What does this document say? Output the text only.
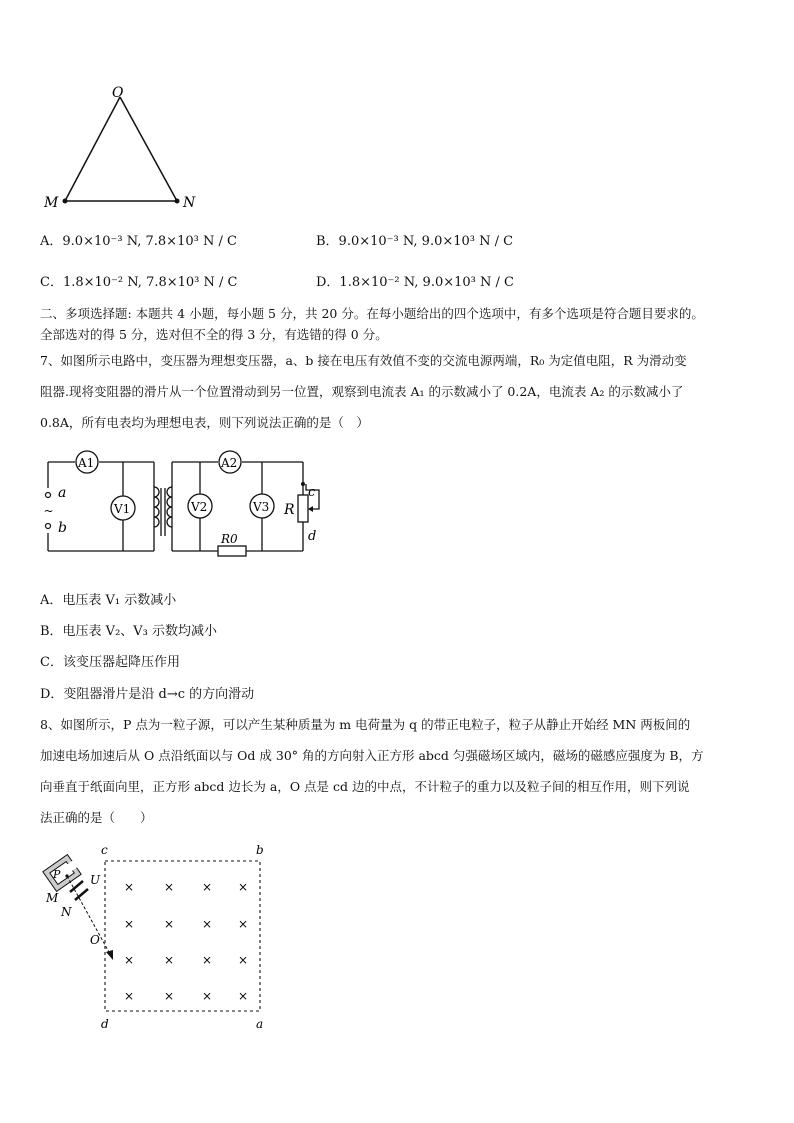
O
M	N
A．9.0×10⁻³ N, 7.8×10³ N / C	B．9.0×10⁻³ N, 9.0×10³ N / C
C．1.8×10⁻² N, 7.8×10³ N / C	D．1.8×10⁻² N, 9.0×10³ N / C
二、多项选择题: 本题共 4 小题，每小题 5 分，共 20 分。在每小题给出的四个选项中，有多个选项是符合题目要求的。
全部选对的得 5 分，选对但不全的得 3 分，有选错的得 0 分。
7、如图所示电路中，变压器为理想变压器，a、b 接在电压有效值不变的交流电源两端，R₀ 为定值电阻，R 为滑动变
阻器.现将变阻器的滑片从一个位置滑动到另一位置，观察到电流表 A₁ 的示数减小了 0.2A，电流表 A₂ 的示数减小了
0.8A，所有电表均为理想电表，则下列说法正确的是（　）
~
a
b
A1	A2
V1	V2	V3 R
R0
c
d
A．电压表 V₁ 示数减小
B．电压表 V₂、V₃ 示数均减小
C．该变压器起降压作用
D．变阻器滑片是沿 d→c 的方向滑动
8、如图所示，P 点为一粒子源，可以产生某种质量为 m 电荷量为 q 的带正电粒子，粒子从静止开始经 MN 两板间的
加速电场加速后从 O 点沿纸面以与 Od 成 30° 角的方向射入正方形 abcd 匀强磁场区域内，磁场的磁感应强度为 B，方
向垂直于纸面向里，正方形 abcd 边长为 a，O 点是 cd 边的中点，不计粒子的重力以及粒子间的相互作用，则下列说
法正确的是（　　）
c	b
d	a
× × × ×
× × × ×
× × × ×
× × × ×
P
M
N
U
O
